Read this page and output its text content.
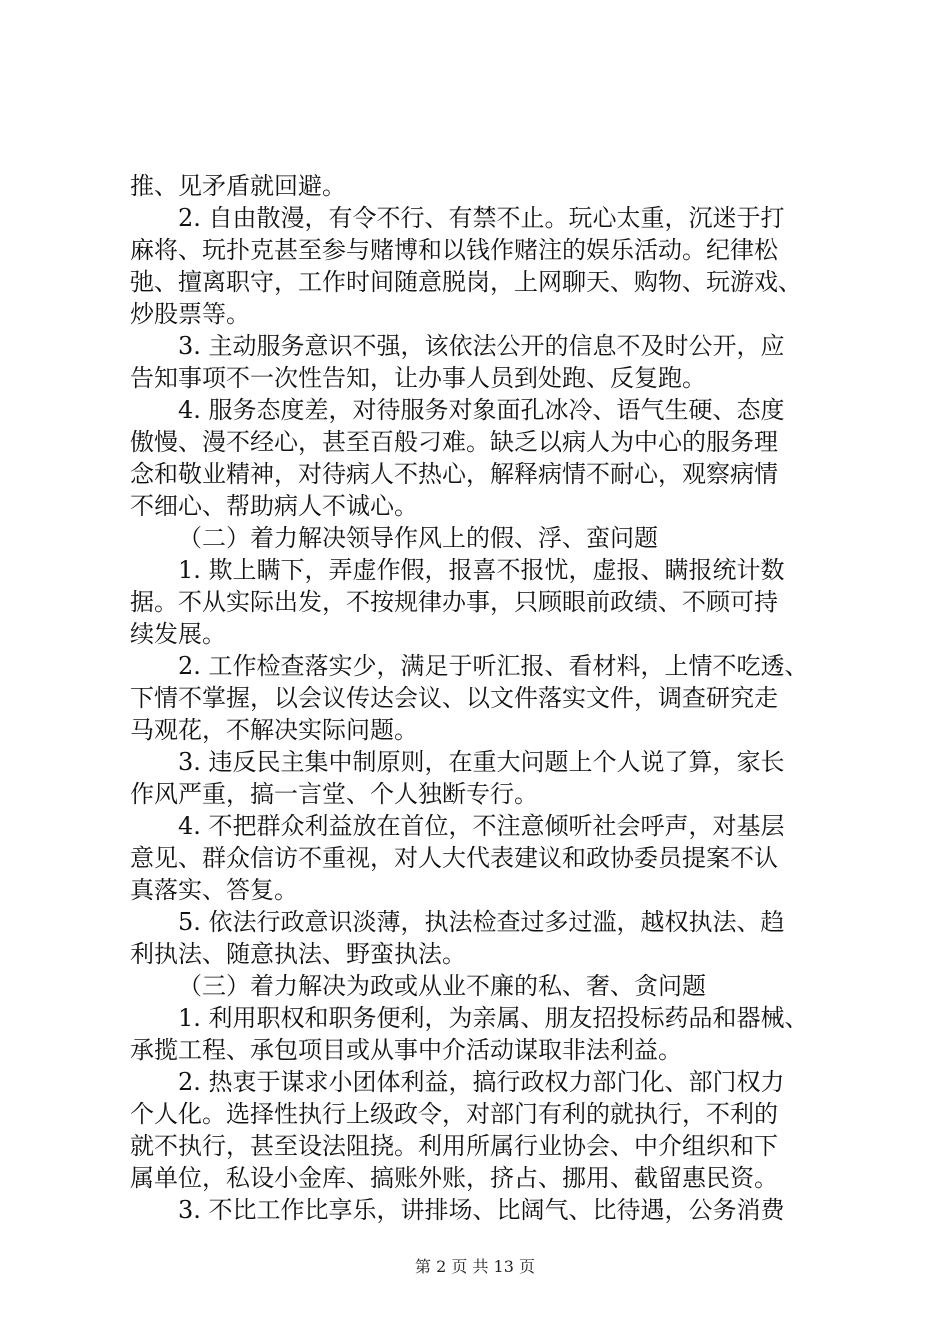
推、见矛盾就回避。
2. 自由散漫，有令不行、有禁不止。玩心太重，沉迷于打
麻将、玩扑克甚至参与赌博和以钱作赌注的娱乐活动。纪律松
弛、擅离职守，工作时间随意脱岗，上网聊天、购物、玩游戏、
炒股票等。
3. 主动服务意识不强，该依法公开的信息不及时公开，应
告知事项不一次性告知，让办事人员到处跑、反复跑。
4. 服务态度差，对待服务对象面孔冰冷、语气生硬、态度
傲慢、漫不经心，甚至百般刁难。缺乏以病人为中心的服务理
念和敬业精神，对待病人不热心，解释病情不耐心，观察病情
不细心、帮助病人不诚心。
（二）着力解决领导作风上的假、浮、蛮问题
1. 欺上瞒下，弄虚作假，报喜不报忧，虚报、瞒报统计数
据。不从实际出发，不按规律办事，只顾眼前政绩、不顾可持
续发展。
2. 工作检查落实少，满足于听汇报、看材料，上情不吃透、
下情不掌握，以会议传达会议、以文件落实文件，调查研究走
马观花，不解决实际问题。
3. 违反民主集中制原则，在重大问题上个人说了算，家长
作风严重，搞一言堂、个人独断专行。
4. 不把群众利益放在首位，不注意倾听社会呼声，对基层
意见、群众信访不重视，对人大代表建议和政协委员提案不认
真落实、答复。
5. 依法行政意识淡薄，执法检查过多过滥，越权执法、趋
利执法、随意执法、野蛮执法。
（三）着力解决为政或从业不廉的私、奢、贪问题
1. 利用职权和职务便利，为亲属、朋友招投标药品和器械、
承揽工程、承包项目或从事中介活动谋取非法利益。
2. 热衷于谋求小团体利益，搞行政权力部门化、部门权力
个人化。选择性执行上级政令，对部门有利的就执行，不利的
就不执行，甚至设法阻挠。利用所属行业协会、中介组织和下
属单位，私设小金库、搞账外账，挤占、挪用、截留惠民资。
3. 不比工作比享乐，讲排场、比阔气、比待遇，公务消费
第 2 页 共 13 页
